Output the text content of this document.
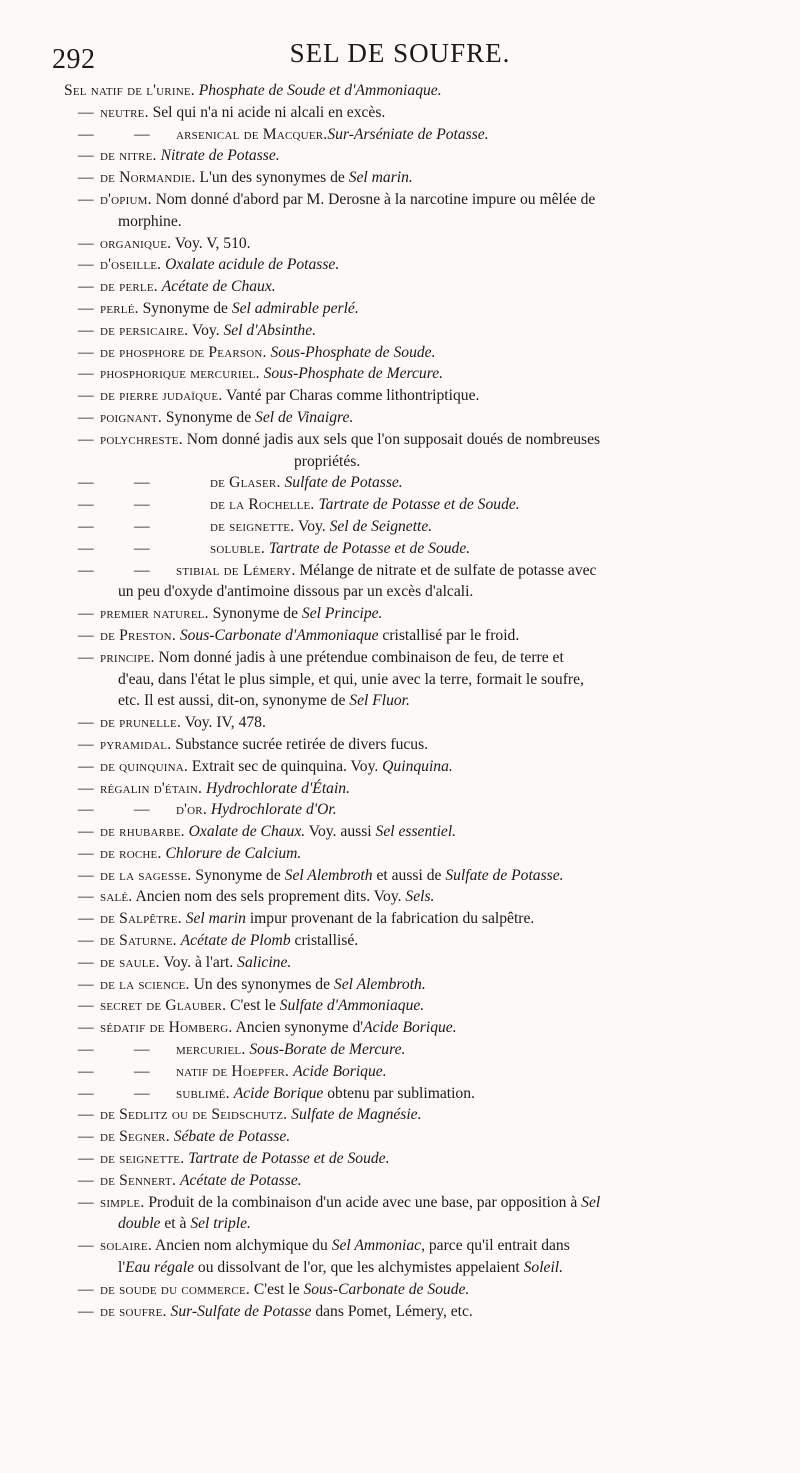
292	SEL DE SOUFRE.
Sel natif de l'urine. Phosphate de Soude et d'Ammoniaque.
— neutre. Sel qui n'a ni acide ni alcali en excès.
—	—	arsenical de Macquer.Sur-Arséniate de Potasse.
— de nitre. Nitrate de Potasse.
— de Normandie. L'un des synonymes de Sel marin.
— d'opium. Nom donné d'abord par M. Derosne à la narcotine impure ou mêlée de
morphine.
— organique. Voy. V, 510.
— d'oseille. Oxalate acidule de Potasse.
— de perle. Acétate de Chaux.
— perlé. Synonyme de Sel admirable perlé.
— de persicaire. Voy. Sel d'Absinthe.
— de phosphore de Pearson. Sous-Phosphate de Soude.
— phosphorique mercuriel. Sous-Phosphate de Mercure.
— de pierre judaïque. Vanté par Charas comme lithontriptique.
— poignant. Synonyme de Sel de Vinaigre.
— polychreste. Nom donné jadis aux sels que l'on supposait doués de nombreuses
propriétés.
—	—	de Glaser. Sulfate de Potasse.
—	—	de la Rochelle. Tartrate de Potasse et de Soude.
—	—	de seignette. Voy. Sel de Seignette.
—	—	soluble. Tartrate de Potasse et de Soude.
—	—	stibial de Lémery. Mélange de nitrate et de sulfate de potasse avec
un peu d'oxyde d'antimoine dissous par un excès d'alcali.
— premier naturel. Synonyme de Sel Principe.
— de Preston. Sous-Carbonate d'Ammoniaque cristallisé par le froid.
— principe. Nom donné jadis à une prétendue combinaison de feu, de terre et
d'eau, dans l'état le plus simple, et qui, unie avec la terre, formait le soufre,
etc. Il est aussi, dit-on, synonyme de Sel Fluor.
— de prunelle. Voy. IV, 478.
— pyramidal. Substance sucrée retirée de divers fucus.
— de quinquina. Extrait sec de quinquina. Voy. Quinquina.
— régalin d'étain. Hydrochlorate d'Étain.
—	—	d'or. Hydrochlorate d'Or.
— de rhubarbe. Oxalate de Chaux. Voy. aussi Sel essentiel.
— de roche. Chlorure de Calcium.
— de la sagesse. Synonyme de Sel Alembroth et aussi de Sulfate de Potasse.
— salé. Ancien nom des sels proprement dits. Voy. Sels.
— de Salpêtre. Sel marin impur provenant de la fabrication du salpêtre.
— de Saturne. Acétate de Plomb cristallisé.
— de saule. Voy. à l'art. Salicine.
— de la science. Un des synonymes de Sel Alembroth.
— secret de Glauber. C'est le Sulfate d'Ammoniaque.
— sédatif de Homberg. Ancien synonyme d'Acide Borique.
—	—	mercuriel. Sous-Borate de Mercure.
—	—	natif de Hoepfer. Acide Borique.
—	—	sublimé. Acide Borique obtenu par sublimation.
— de Sedlitz ou de Seidschutz. Sulfate de Magnésie.
— de Segner. Sébate de Potasse.
— de seignette. Tartrate de Potasse et de Soude.
— de Sennert. Acétate de Potasse.
— simple. Produit de la combinaison d'un acide avec une base, par opposition à Sel
double et à Sel triple.
— solaire. Ancien nom alchymique du Sel Ammoniac, parce qu'il entrait dans
l'Eau régale ou dissolvant de l'or, que les alchymistes appelaient Soleil.
— de soude du commerce. C'est le Sous-Carbonate de Soude.
— de soufre. Sur-Sulfate de Potasse dans Pomet, Lémery, etc.
